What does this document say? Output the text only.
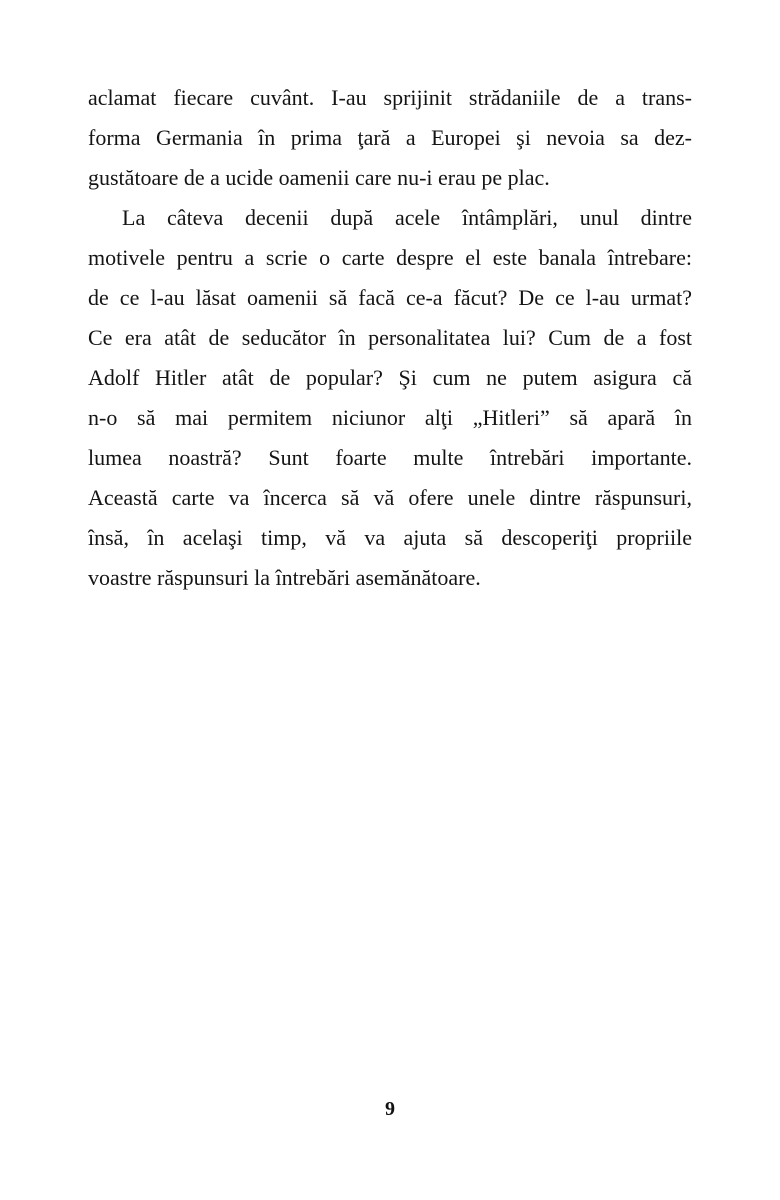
aclamat fiecare cuvânt. I-au sprijinit strădaniile de a trans-
forma Germania în prima ţară a Europei şi nevoia sa dez-
gustătoare de a ucide oamenii care nu-i erau pe plac.
La câteva decenii după acele întâmplări, unul dintre
motivele pentru a scrie o carte despre el este banala întrebare:
de ce l-au lăsat oamenii să facă ce-a făcut? De ce l-au urmat?
Ce era atât de seducător în personalitatea lui? Cum de a fost
Adolf Hitler atât de popular? Şi cum ne putem asigura că
n-o să mai permitem niciunor alţi „Hitleri” să apară în
lumea noastră? Sunt foarte multe întrebări importante.
Această carte va încerca să vă ofere unele dintre răspunsuri,
însă, în acelaşi timp, vă va ajuta să descoperiţi propriile
voastre răspunsuri la întrebări asemănătoare.
9
